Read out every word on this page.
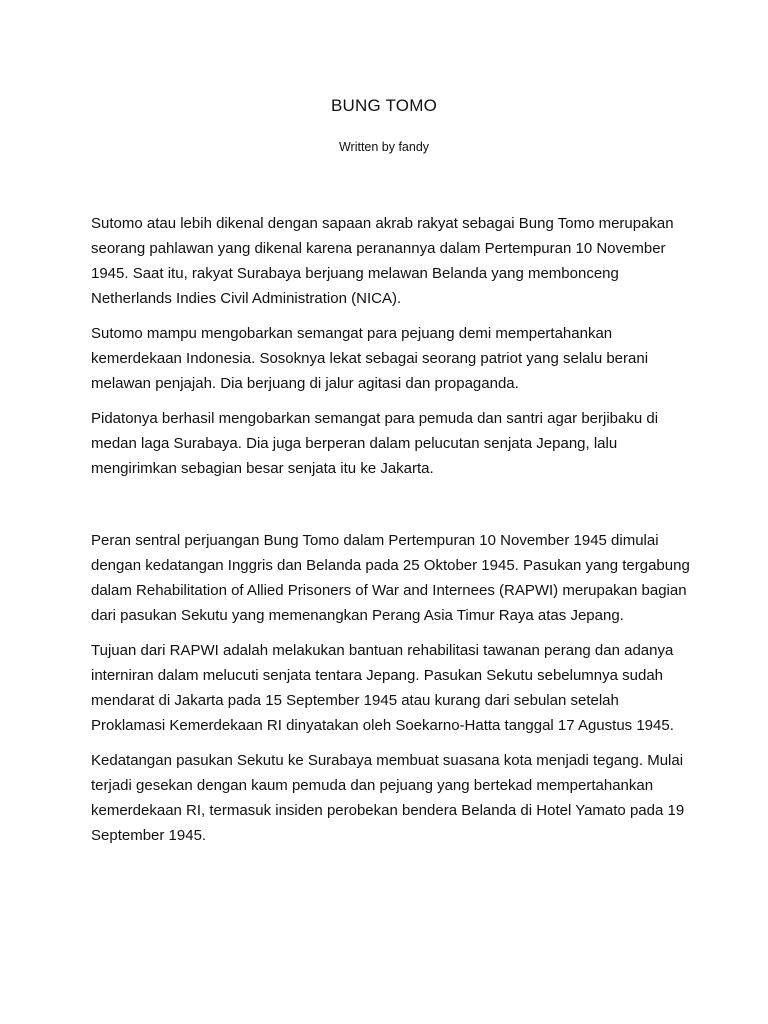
BUNG TOMO

Written by fandy

Sutomo atau lebih dikenal dengan sapaan akrab rakyat sebagai Bung Tomo merupakan seorang pahlawan yang dikenal karena peranannya dalam Pertempuran 10 November 1945. Saat itu, rakyat Surabaya berjuang melawan Belanda yang membonceng Netherlands Indies Civil Administration (NICA).

Sutomo mampu mengobarkan semangat para pejuang demi mempertahankan kemerdekaan Indonesia. Sosoknya lekat sebagai seorang patriot yang selalu berani melawan penjajah. Dia berjuang di jalur agitasi dan propaganda.

Pidatonya berhasil mengobarkan semangat para pemuda dan santri agar berjibaku di medan laga Surabaya. Dia juga berperan dalam pelucutan senjata Jepang, lalu mengirimkan sebagian besar senjata itu ke Jakarta.

Peran sentral perjuangan Bung Tomo dalam Pertempuran 10 November 1945 dimulai dengan kedatangan Inggris dan Belanda pada 25 Oktober 1945. Pasukan yang tergabung dalam Rehabilitation of Allied Prisoners of War and Internees (RAPWI) merupakan bagian dari pasukan Sekutu yang memenangkan Perang Asia Timur Raya atas Jepang.

Tujuan dari RAPWI adalah melakukan bantuan rehabilitasi tawanan perang dan adanya interniran dalam melucuti senjata tentara Jepang. Pasukan Sekutu sebelumnya sudah mendarat di Jakarta pada 15 September 1945 atau kurang dari sebulan setelah Proklamasi Kemerdekaan RI dinyatakan oleh Soekarno-Hatta tanggal 17 Agustus 1945.

Kedatangan pasukan Sekutu ke Surabaya membuat suasana kota menjadi tegang. Mulai terjadi gesekan dengan kaum pemuda dan pejuang yang bertekad mempertahankan kemerdekaan RI, termasuk insiden perobekan bendera Belanda di Hotel Yamato pada 19 September 1945.
